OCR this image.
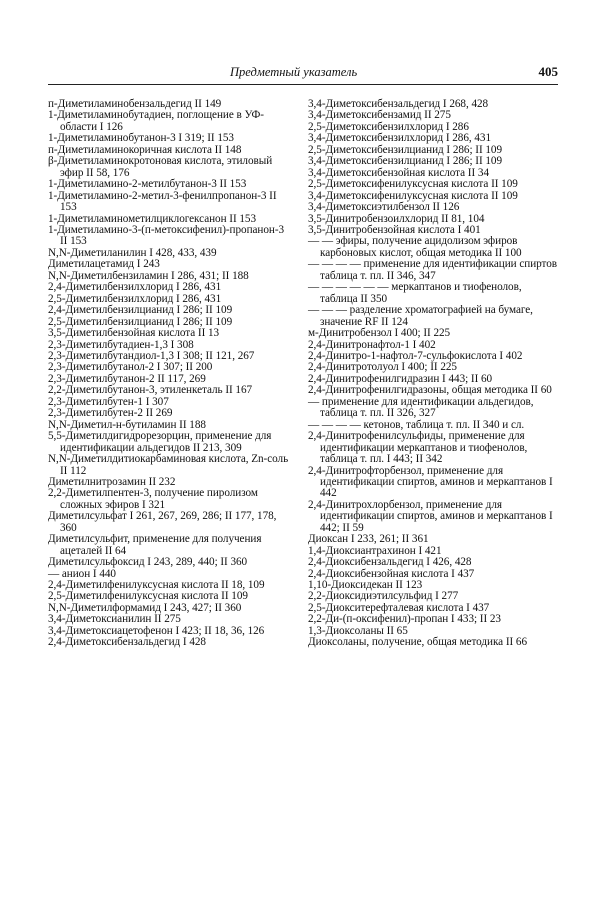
Предметный указатель	405
п-Диметиламинобензальдегид II 149
1-Диметиламинобутадиен, поглощение в УФ-области I 126
1-Диметиламинобутанон-3 I 319; II 153
п-Диметиламинокоричная кислота II 148
β-Диметиламинокротоновая кислота, этиловый эфир II 58, 176
1-Диметиламино-2-метилбутанон-3 II 153
1-Диметиламино-2-метил-3-фенилпропанон-3 II 153
1-Диметиламинометилциклогексанон II 153
1-Диметиламино-3-(п-метоксифенил)-пропанон-3 II 153
N,N-Диметиланилин I 428, 433, 439
Диметилацетамид I 243
N,N-Диметилбензиламин I 286, 431; II 188
2,4-Диметилбензилхлорид I 286, 431
2,5-Диметилбензилхлорид I 286, 431
2,4-Диметилбензилцианид I 286; II 109
2,5-Диметилбензилцианид I 286; II 109
3,5-Диметилбензойная кислота II 13
2,3-Диметилбутадиен-1,3 I 308
2,3-Диметилбутандиол-1,3 I 308; II 121, 267
2,3-Диметилбутанол-2 I 307; II 200
2,3-Диметилбутанон-2 II 117, 269
2,2-Диметилбутанон-3, этиленкеталь II 167
2,3-Диметилбутен-1 I 307
2,3-Диметилбутен-2 II 269
N,N-Диметил-н-бутиламин II 188
5,5-Диметилдигидрорезорцин, применение для идентификации альдегидов II 213, 309
N,N-Диметилдитиокарбаминовая кислота, Zn-соль II 112
Диметилнитрозамин II 232
2,2-Диметилпентен-3, получение пиролизом сложных эфиров I 321
Диметилсульфат I 261, 267, 269, 286; II 177, 178, 360
Диметилсульфит, применение для получения ацеталей II 64
Диметилсульфоксид I 243, 289, 440; II 360
— анион I 440
2,4-Диметилфенилуксусная кислота II 18, 109
2,5-Диметилфенилуксусная кислота II 109
N,N-Диметилформамид I 243, 427; II 360
3,4-Диметоксианилин II 275
3,4-Диметоксиацетофенон I 423; II 18, 36, 126
2,4-Диметоксибензальдегид I 428
3,4-Диметоксибензальдегид I 268, 428
3,4-Диметоксибензамид II 275
2,5-Диметоксибензилхлорид I 286
3,4-Диметоксибензилхлорид I 286, 431
2,5-Диметоксибензилцианид I 286; II 109
3,4-Диметоксибензилцианид I 286; II 109
3,4-Диметоксибензойная кислота II 34
2,5-Диметоксифенилуксусная кислота II 109
3,4-Диметоксифенилуксусная кислота II 109
3,4-Диметоксиэтилбензол II 126
3,5-Динитробензоилхлорид II 81, 104
3,5-Динитробензойная кислота I 401
— — эфиры, получение ацидолизом эфиров карбоновых кислот, общая методика II 100
— — — — применение для идентификации спиртов таблица т. пл. II 346, 347
— — — — — — меркаптанов и тиофенолов, таблица II 350
— — — разделение хроматографией на бумаге, значение RF II 124
м-Динитробензол I 400; II 225
2,4-Динитронафтол-1 I 402
2,4-Динитро-1-нафтол-7-сульфокислота I 402
2,4-Динитротолуол I 400; II 225
2,4-Динитрофенилгидразин I 443; II 60
2,4-Динитрофенилгидразоны, общая методика II 60
— применение для идентификации альдегидов, таблица т. пл. II 326, 327
— — — — кетонов, таблица т. пл. II 340 и сл.
2,4-Динитрофенилсульфиды, применение для идентификации меркаптанов и тиофенолов, таблица т. пл. I 443; II 342
2,4-Динитрофторбензол, применение для идентификации спиртов, аминов и меркаптанов I 442
2,4-Динитрохлорбензол, применение для идентификации спиртов, аминов и меркаптанов I 442; II 59
Диоксан I 233, 261; II 361
1,4-Диоксиантрахинон I 421
2,4-Диоксибензальдегид I 426, 428
2,4-Диоксибензойная кислота I 437
1,10-Диоксидекан II 123
2,2-Диоксидиэтилсульфид I 277
2,5-Диокситерефталевая кислота I 437
2,2-Ди-(п-оксифенил)-пропан I 433; II 23
1,3-Диоксоланы II 65
Диоксоланы, получение, общая методика II 66
